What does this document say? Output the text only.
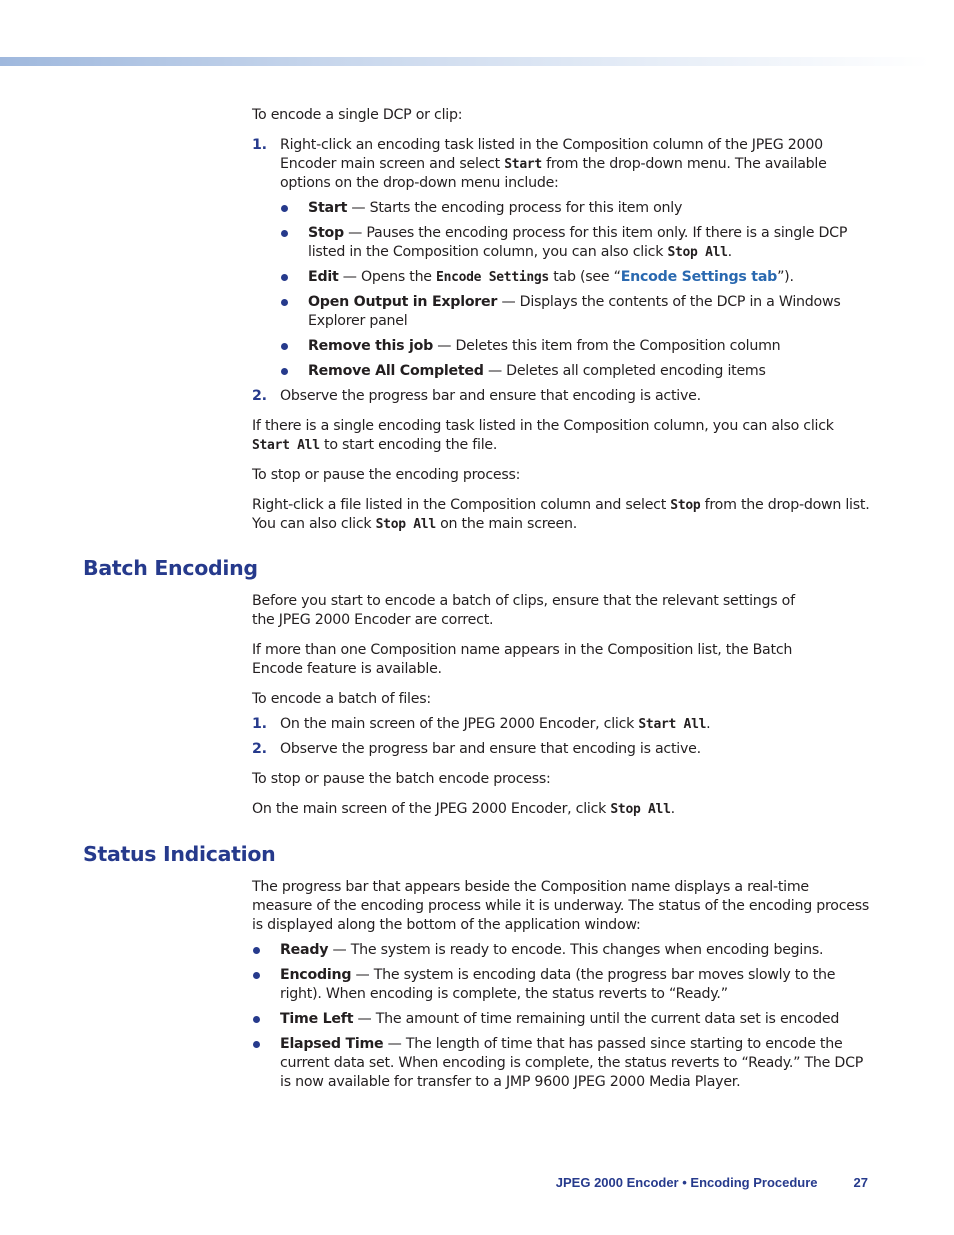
To encode a single DCP or clip:

1. Right-click an encoding task listed in the Composition column of the JPEG 2000 Encoder main screen and select Start from the drop-down menu. The available options on the drop-down menu include:
Start — Starts the encoding process for this item only
Stop — Pauses the encoding process for this item only. If there is a single DCP listed in the Composition column, you can also click Stop All.
Edit — Opens the Encode Settings tab (see “Encode Settings tab”).
Open Output in Explorer — Displays the contents of the DCP in a Windows Explorer panel
Remove this job — Deletes this item from the Composition column
Remove All Completed — Deletes all completed encoding items
2. Observe the progress bar and ensure that encoding is active.

If there is a single encoding task listed in the Composition column, you can also click Start All to start encoding the file.

To stop or pause the encoding process:

Right-click a file listed in the Composition column and select Stop from the drop-down list. You can also click Stop All on the main screen.

Batch Encoding

Before you start to encode a batch of clips, ensure that the relevant settings of the JPEG 2000 Encoder are correct.

If more than one Composition name appears in the Composition list, the Batch Encode feature is available.

To encode a batch of files:

1. On the main screen of the JPEG 2000 Encoder, click Start All.
2. Observe the progress bar and ensure that encoding is active.

To stop or pause the batch encode process:

On the main screen of the JPEG 2000 Encoder, click Stop All.

Status Indication

The progress bar that appears beside the Composition name displays a real-time measure of the encoding process while it is underway. The status of the encoding process is displayed along the bottom of the application window:

Ready — The system is ready to encode. This changes when encoding begins.
Encoding — The system is encoding data (the progress bar moves slowly to the right). When encoding is complete, the status reverts to “Ready.”
Time Left — The amount of time remaining until the current data set is encoded
Elapsed Time — The length of time that has passed since starting to encode the current data set. When encoding is complete, the status reverts to “Ready.” The DCP is now available for transfer to a JMP 9600 JPEG 2000 Media Player.
JPEG 2000 Encoder • Encoding Procedure	27
